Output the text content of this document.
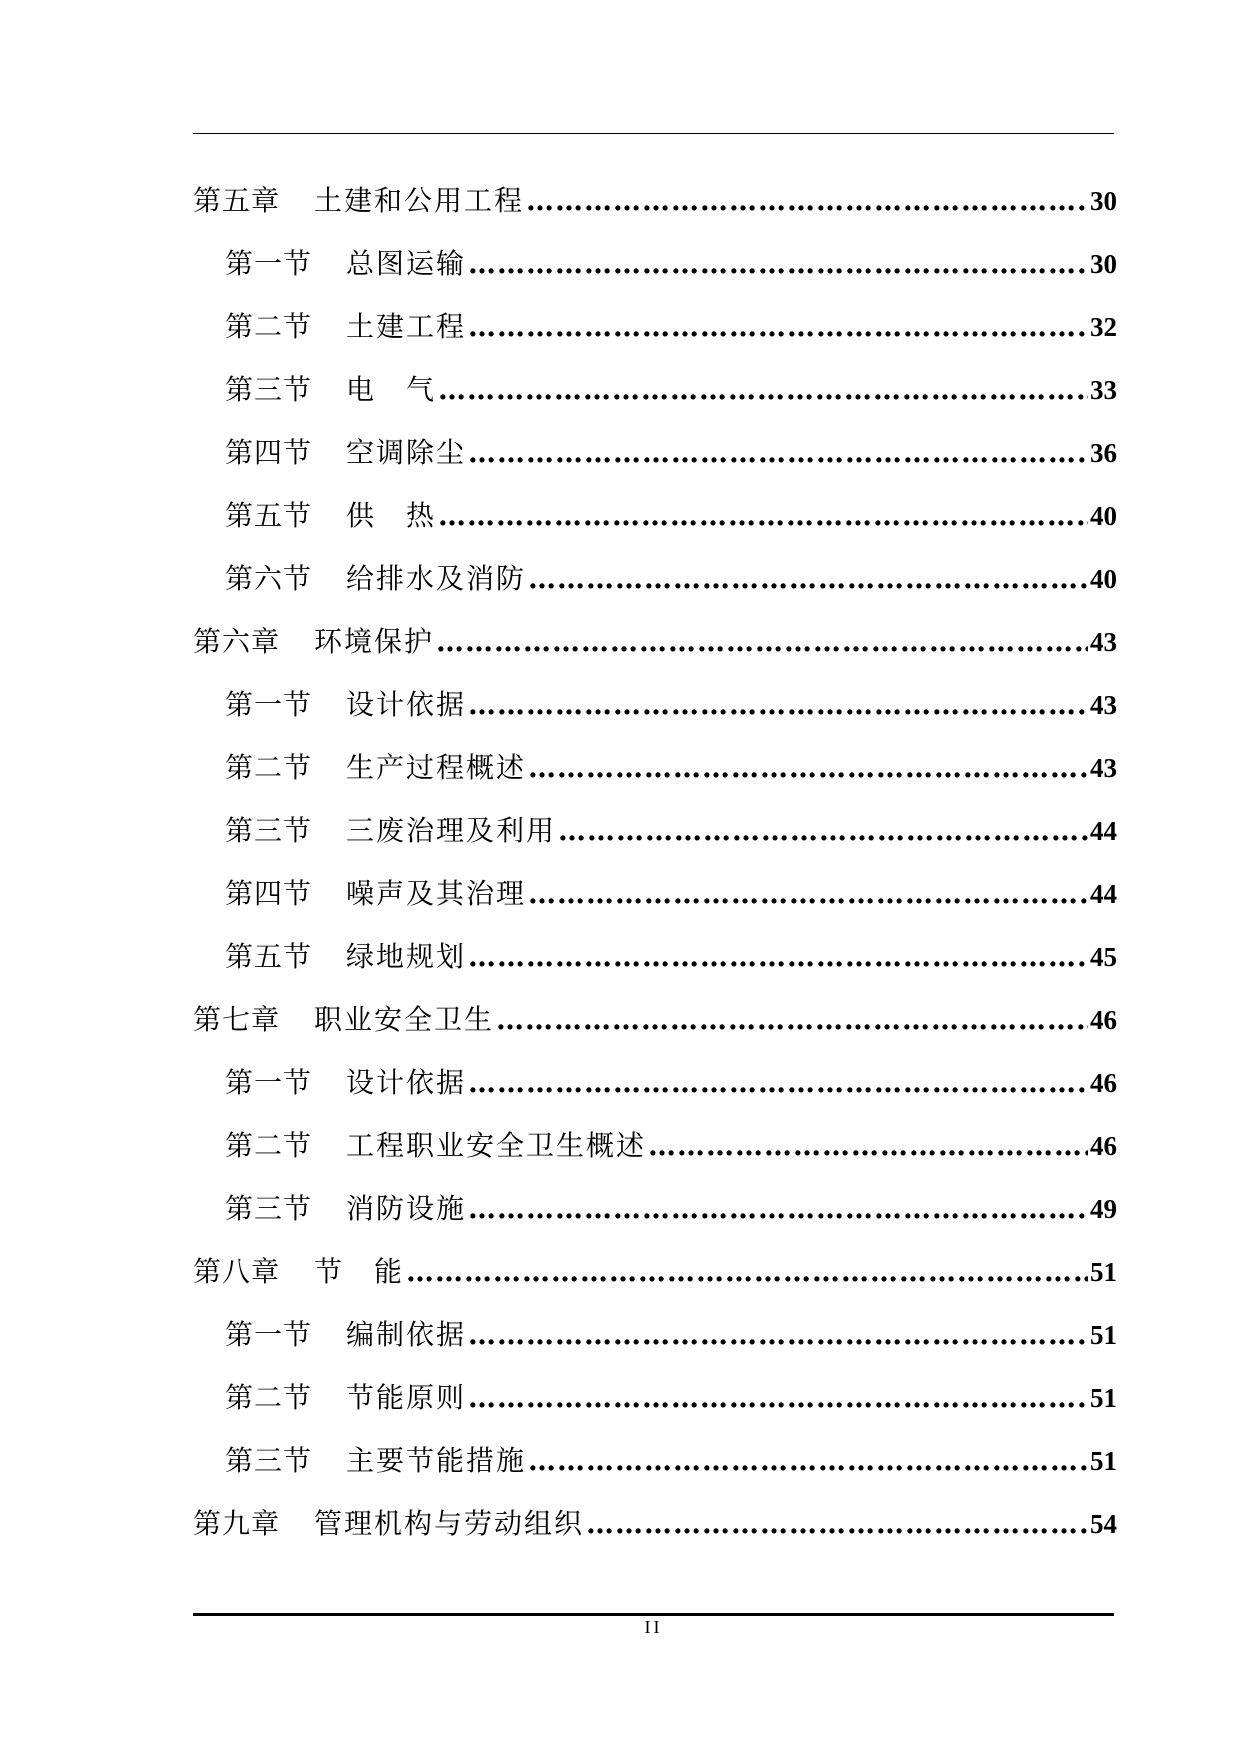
第五章 土建和公用工程 ……………………………………………………………………………………………………………………………………………………………………………………………………………………………………	30
第一节 总图运输 ……………………………………………………………………………………………………………………………………………………………………………………………………………………………………	30
第二节 土建工程 ……………………………………………………………………………………………………………………………………………………………………………………………………………………………………	32
第三节 电　气 ……………………………………………………………………………………………………………………………………………………………………………………………………………………………………	33
第四节 空调除尘 ……………………………………………………………………………………………………………………………………………………………………………………………………………………………………	36
第五节 供　热 ……………………………………………………………………………………………………………………………………………………………………………………………………………………………………	40
第六节 给排水及消防 ……………………………………………………………………………………………………………………………………………………………………………………………………………………………………	40
第六章 环境保护 ……………………………………………………………………………………………………………………………………………………………………………………………………………………………………	43
第一节 设计依据 ……………………………………………………………………………………………………………………………………………………………………………………………………………………………………	43
第二节 生产过程概述 ……………………………………………………………………………………………………………………………………………………………………………………………………………………………………	43
第三节 三废治理及利用 ……………………………………………………………………………………………………………………………………………………………………………………………………………………………………	44
第四节 噪声及其治理 ……………………………………………………………………………………………………………………………………………………………………………………………………………………………………	44
第五节 绿地规划 ……………………………………………………………………………………………………………………………………………………………………………………………………………………………………	45
第七章 职业安全卫生 ……………………………………………………………………………………………………………………………………………………………………………………………………………………………………	46
第一节 设计依据 ……………………………………………………………………………………………………………………………………………………………………………………………………………………………………	46
第二节 工程职业安全卫生概述 ……………………………………………………………………………………………………………………………………………………………………………………………………………………………………	46
第三节 消防设施 ……………………………………………………………………………………………………………………………………………………………………………………………………………………………………	49
第八章 节　能 ……………………………………………………………………………………………………………………………………………………………………………………………………………………………………	51
第一节 编制依据 ……………………………………………………………………………………………………………………………………………………………………………………………………………………………………	51
第二节 节能原则 ……………………………………………………………………………………………………………………………………………………………………………………………………………………………………	51
第三节 主要节能措施 ……………………………………………………………………………………………………………………………………………………………………………………………………………………………………	51
第九章 管理机构与劳动组织 ……………………………………………………………………………………………………………………………………………………………………………………………………………………………………	54
II
